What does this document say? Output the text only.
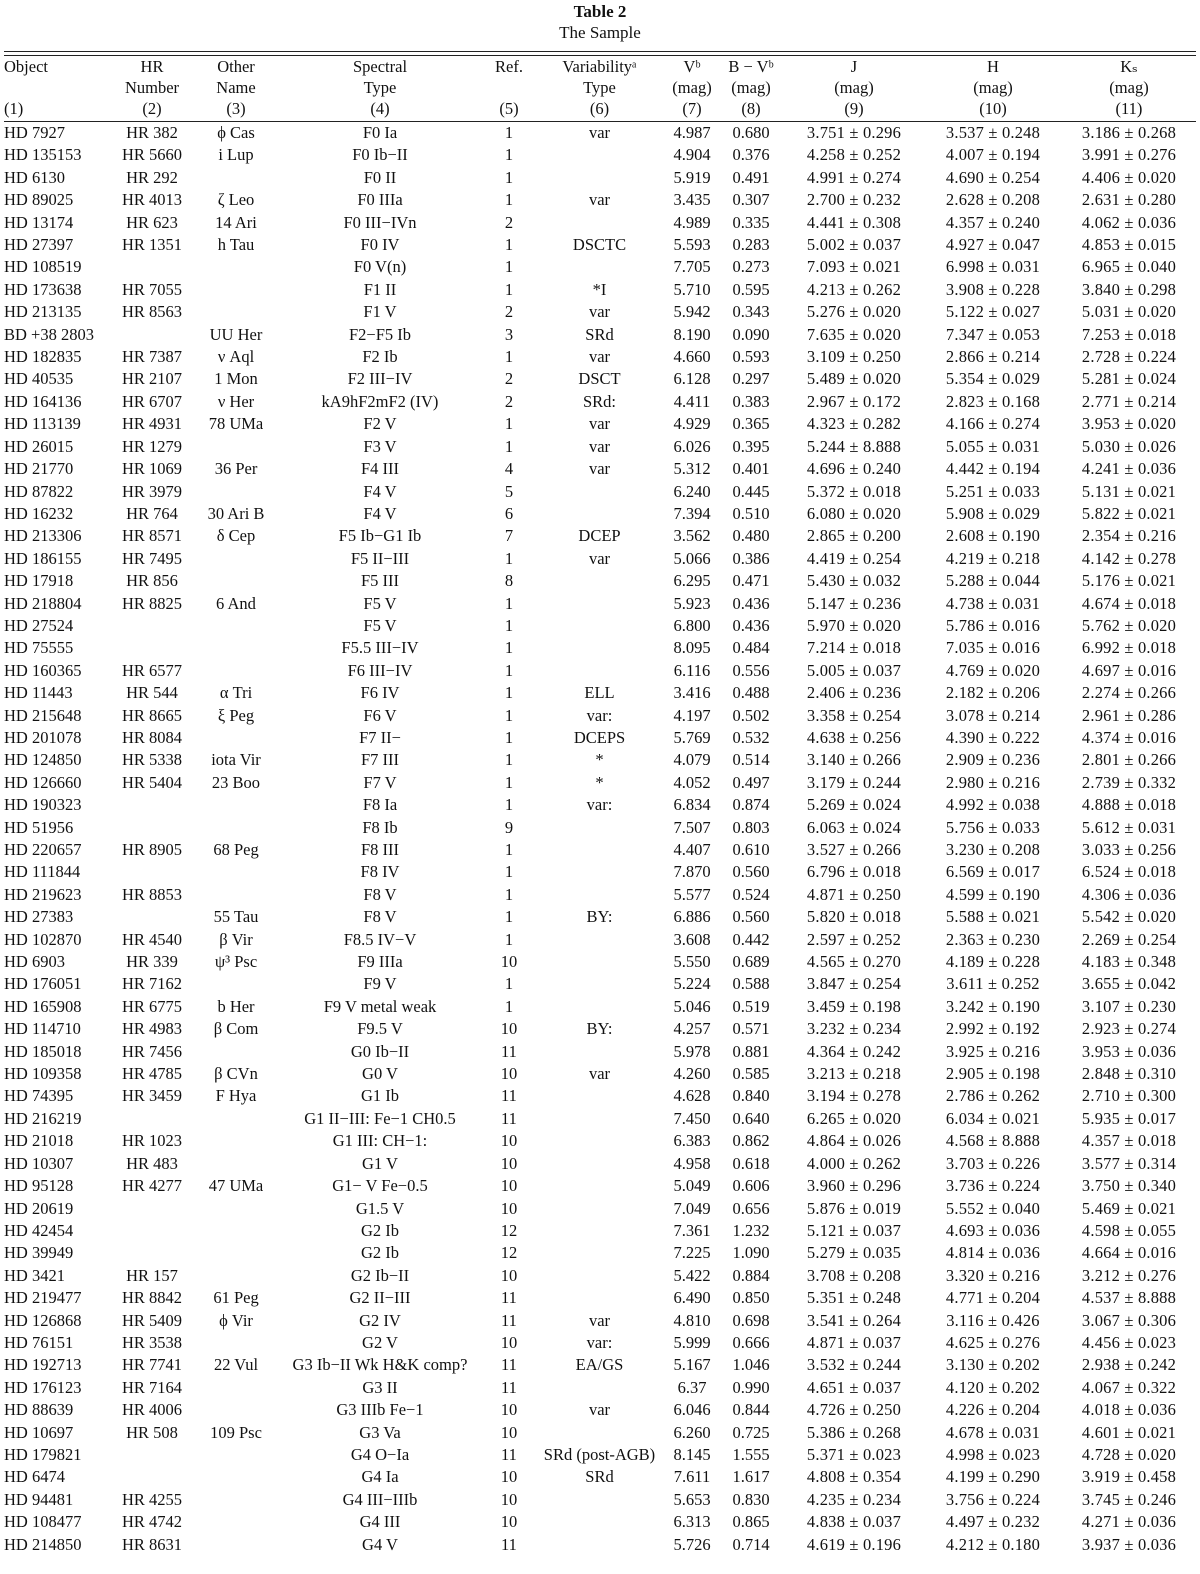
Table 2
The Sample
Object	HR	Other	Spectral	Ref.	Variabilityᵃ	Vᵇ	B − Vᵇ	J	H	Kₛ
	Number	Name	Type		Type	(mag)	(mag)	(mag)	(mag)	(mag)
(1)	(2)	(3)	(4)	(5)	(6)	(7)	(8)	(9)	(10)	(11)
HD 7927	HR 382	ϕ Cas	F0 Ia	1	var	4.987	0.680	3.751 ± 0.296	3.537 ± 0.248	3.186 ± 0.268
HD 135153	HR 5660	i Lup	F0 Ib−II	1		4.904	0.376	4.258 ± 0.252	4.007 ± 0.194	3.991 ± 0.276
HD 6130	HR 292		F0 II	1		5.919	0.491	4.991 ± 0.274	4.690 ± 0.254	4.406 ± 0.020
HD 89025	HR 4013	ζ Leo	F0 IIIa	1	var	3.435	0.307	2.700 ± 0.232	2.628 ± 0.208	2.631 ± 0.280
HD 13174	HR 623	14 Ari	F0 III−IVn	2		4.989	0.335	4.441 ± 0.308	4.357 ± 0.240	4.062 ± 0.036
HD 27397	HR 1351	h Tau	F0 IV	1	DSCTC	5.593	0.283	5.002 ± 0.037	4.927 ± 0.047	4.853 ± 0.015
HD 108519			F0 V(n)	1		7.705	0.273	7.093 ± 0.021	6.998 ± 0.031	6.965 ± 0.040
HD 173638	HR 7055		F1 II	1	*I	5.710	0.595	4.213 ± 0.262	3.908 ± 0.228	3.840 ± 0.298
HD 213135	HR 8563		F1 V	2	var	5.942	0.343	5.276 ± 0.020	5.122 ± 0.027	5.031 ± 0.020
BD +38 2803		UU Her	F2−F5 Ib	3	SRd	8.190	0.090	7.635 ± 0.020	7.347 ± 0.053	7.253 ± 0.018
HD 182835	HR 7387	ν Aql	F2 Ib	1	var	4.660	0.593	3.109 ± 0.250	2.866 ± 0.214	2.728 ± 0.224
HD 40535	HR 2107	1 Mon	F2 III−IV	2	DSCT	6.128	0.297	5.489 ± 0.020	5.354 ± 0.029	5.281 ± 0.024
HD 164136	HR 6707	ν Her	kA9hF2mF2 (IV)	2	SRd:	4.411	0.383	2.967 ± 0.172	2.823 ± 0.168	2.771 ± 0.214
HD 113139	HR 4931	78 UMa	F2 V	1	var	4.929	0.365	4.323 ± 0.282	4.166 ± 0.274	3.953 ± 0.020
HD 26015	HR 1279		F3 V	1	var	6.026	0.395	5.244 ± 8.888	5.055 ± 0.031	5.030 ± 0.026
HD 21770	HR 1069	36 Per	F4 III	4	var	5.312	0.401	4.696 ± 0.240	4.442 ± 0.194	4.241 ± 0.036
HD 87822	HR 3979		F4 V	5		6.240	0.445	5.372 ± 0.018	5.251 ± 0.033	5.131 ± 0.021
HD 16232	HR 764	30 Ari B	F4 V	6		7.394	0.510	6.080 ± 0.020	5.908 ± 0.029	5.822 ± 0.021
HD 213306	HR 8571	δ Cep	F5 Ib−G1 Ib	7	DCEP	3.562	0.480	2.865 ± 0.200	2.608 ± 0.190	2.354 ± 0.216
HD 186155	HR 7495		F5 II−III	1	var	5.066	0.386	4.419 ± 0.254	4.219 ± 0.218	4.142 ± 0.278
HD 17918	HR 856		F5 III	8		6.295	0.471	5.430 ± 0.032	5.288 ± 0.044	5.176 ± 0.021
HD 218804	HR 8825	6 And	F5 V	1		5.923	0.436	5.147 ± 0.236	4.738 ± 0.031	4.674 ± 0.018
HD 27524			F5 V	1		6.800	0.436	5.970 ± 0.020	5.786 ± 0.016	5.762 ± 0.020
HD 75555			F5.5 III−IV	1		8.095	0.484	7.214 ± 0.018	7.035 ± 0.016	6.992 ± 0.018
HD 160365	HR 6577		F6 III−IV	1		6.116	0.556	5.005 ± 0.037	4.769 ± 0.020	4.697 ± 0.016
HD 11443	HR 544	α Tri	F6 IV	1	ELL	3.416	0.488	2.406 ± 0.236	2.182 ± 0.206	2.274 ± 0.266
HD 215648	HR 8665	ξ Peg	F6 V	1	var:	4.197	0.502	3.358 ± 0.254	3.078 ± 0.214	2.961 ± 0.286
HD 201078	HR 8084		F7 II−	1	DCEPS	5.769	0.532	4.638 ± 0.256	4.390 ± 0.222	4.374 ± 0.016
HD 124850	HR 5338	iota Vir	F7 III	1	*	4.079	0.514	3.140 ± 0.266	2.909 ± 0.236	2.801 ± 0.266
HD 126660	HR 5404	23 Boo	F7 V	1	*	4.052	0.497	3.179 ± 0.244	2.980 ± 0.216	2.739 ± 0.332
HD 190323			F8 Ia	1	var:	6.834	0.874	5.269 ± 0.024	4.992 ± 0.038	4.888 ± 0.018
HD 51956			F8 Ib	9		7.507	0.803	6.063 ± 0.024	5.756 ± 0.033	5.612 ± 0.031
HD 220657	HR 8905	68 Peg	F8 III	1		4.407	0.610	3.527 ± 0.266	3.230 ± 0.208	3.033 ± 0.256
HD 111844			F8 IV	1		7.870	0.560	6.796 ± 0.018	6.569 ± 0.017	6.524 ± 0.018
HD 219623	HR 8853		F8 V	1		5.577	0.524	4.871 ± 0.250	4.599 ± 0.190	4.306 ± 0.036
HD 27383		55 Tau	F8 V	1	BY:	6.886	0.560	5.820 ± 0.018	5.588 ± 0.021	5.542 ± 0.020
HD 102870	HR 4540	β Vir	F8.5 IV−V	1		3.608	0.442	2.597 ± 0.252	2.363 ± 0.230	2.269 ± 0.254
HD 6903	HR 339	ψ³ Psc	F9 IIIa	10		5.550	0.689	4.565 ± 0.270	4.189 ± 0.228	4.183 ± 0.348
HD 176051	HR 7162		F9 V	1		5.224	0.588	3.847 ± 0.254	3.611 ± 0.252	3.655 ± 0.042
HD 165908	HR 6775	b Her	F9 V metal weak	1		5.046	0.519	3.459 ± 0.198	3.242 ± 0.190	3.107 ± 0.230
HD 114710	HR 4983	β Com	F9.5 V	10	BY:	4.257	0.571	3.232 ± 0.234	2.992 ± 0.192	2.923 ± 0.274
HD 185018	HR 7456		G0 Ib−II	11		5.978	0.881	4.364 ± 0.242	3.925 ± 0.216	3.953 ± 0.036
HD 109358	HR 4785	β CVn	G0 V	10	var	4.260	0.585	3.213 ± 0.218	2.905 ± 0.198	2.848 ± 0.310
HD 74395	HR 3459	F Hya	G1 Ib	11		4.628	0.840	3.194 ± 0.278	2.786 ± 0.262	2.710 ± 0.300
HD 216219			G1 II−III: Fe−1 CH0.5	11		7.450	0.640	6.265 ± 0.020	6.034 ± 0.021	5.935 ± 0.017
HD 21018	HR 1023		G1 III: CH−1:	10		6.383	0.862	4.864 ± 0.026	4.568 ± 8.888	4.357 ± 0.018
HD 10307	HR 483		G1 V	10		4.958	0.618	4.000 ± 0.262	3.703 ± 0.226	3.577 ± 0.314
HD 95128	HR 4277	47 UMa	G1− V Fe−0.5	10		5.049	0.606	3.960 ± 0.296	3.736 ± 0.224	3.750 ± 0.340
HD 20619			G1.5 V	10		7.049	0.656	5.876 ± 0.019	5.552 ± 0.040	5.469 ± 0.021
HD 42454			G2 Ib	12		7.361	1.232	5.121 ± 0.037	4.693 ± 0.036	4.598 ± 0.055
HD 39949			G2 Ib	12		7.225	1.090	5.279 ± 0.035	4.814 ± 0.036	4.664 ± 0.016
HD 3421	HR 157		G2 Ib−II	10		5.422	0.884	3.708 ± 0.208	3.320 ± 0.216	3.212 ± 0.276
HD 219477	HR 8842	61 Peg	G2 II−III	11		6.490	0.850	5.351 ± 0.248	4.771 ± 0.204	4.537 ± 8.888
HD 126868	HR 5409	ϕ Vir	G2 IV	11	var	4.810	0.698	3.541 ± 0.264	3.116 ± 0.426	3.067 ± 0.306
HD 76151	HR 3538		G2 V	10	var:	5.999	0.666	4.871 ± 0.037	4.625 ± 0.276	4.456 ± 0.023
HD 192713	HR 7741	22 Vul	G3 Ib−II Wk H&K comp?	11	EA/GS	5.167	1.046	3.532 ± 0.244	3.130 ± 0.202	2.938 ± 0.242
HD 176123	HR 7164		G3 II	11		6.37	0.990	4.651 ± 0.037	4.120 ± 0.202	4.067 ± 0.322
HD 88639	HR 4006		G3 IIIb Fe−1	10	var	6.046	0.844	4.726 ± 0.250	4.226 ± 0.204	4.018 ± 0.036
HD 10697	HR 508	109 Psc	G3 Va	10		6.260	0.725	5.386 ± 0.268	4.678 ± 0.031	4.601 ± 0.021
HD 179821			G4 O−Ia	11	SRd (post-AGB)	8.145	1.555	5.371 ± 0.023	4.998 ± 0.023	4.728 ± 0.020
HD 6474			G4 Ia	10	SRd	7.611	1.617	4.808 ± 0.354	4.199 ± 0.290	3.919 ± 0.458
HD 94481	HR 4255		G4 III−IIIb	10		5.653	0.830	4.235 ± 0.234	3.756 ± 0.224	3.745 ± 0.246
HD 108477	HR 4742		G4 III	10		6.313	0.865	4.838 ± 0.037	4.497 ± 0.232	4.271 ± 0.036
HD 214850	HR 8631		G4 V	11		5.726	0.714	4.619 ± 0.196	4.212 ± 0.180	3.937 ± 0.036
